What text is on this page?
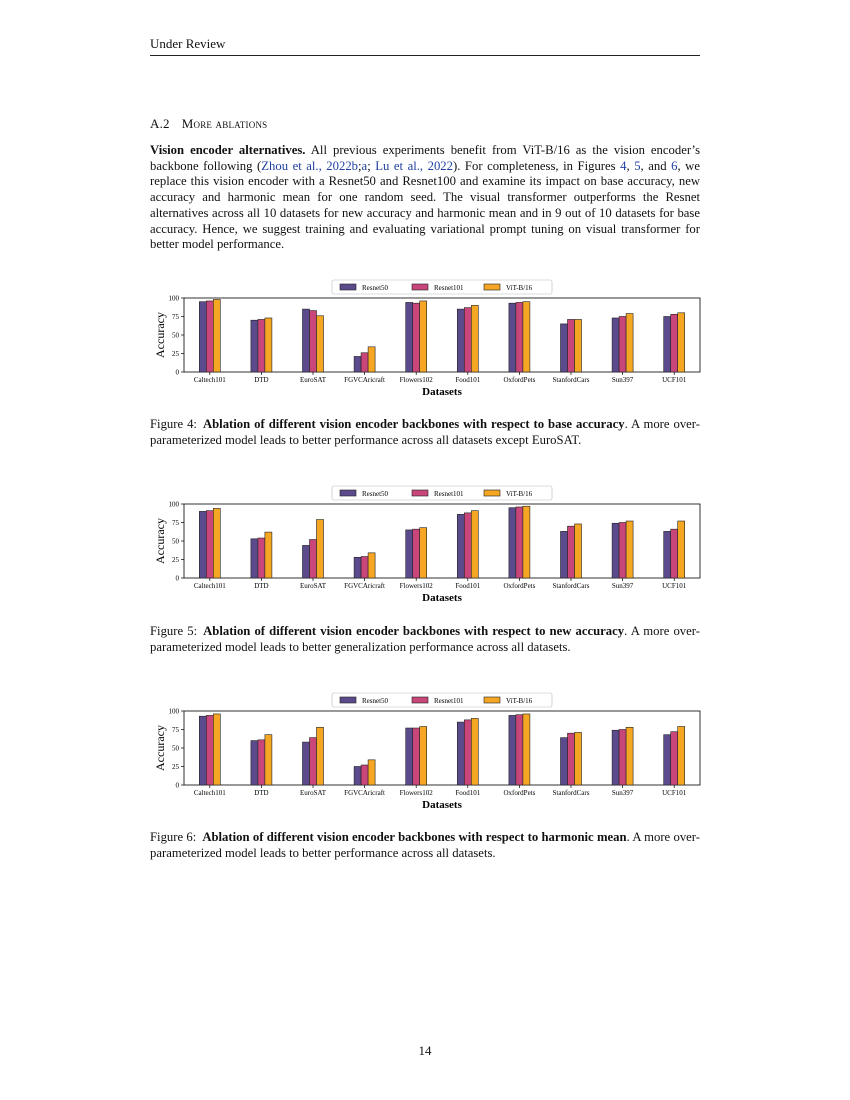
Under Review
A.2 More ablations

Vision encoder alternatives. All previous experiments benefit from ViT-B/16 as the vision encoder’s backbone following (Zhou et al., 2022b;a; Lu et al., 2022). For completeness, in Figures 4, 5, and 6, we replace this vision encoder with a Resnet50 and Resnet100 and examine its impact on base accuracy, new accuracy and harmonic mean for one random seed. The visual transformer outperforms the Resnet alternatives across all 10 datasets for new accuracy and harmonic mean and in 9 out of 10 datasets for base accuracy. Hence, we suggest training and evaluating variational prompt tuning on visual transformer for better model performance.

0
25
50
75
100
Accuracy
Caltech101	DTD	EuroSAT	FGVCAricraft Flowers102	Food101	OxfordPets StanfordCars	Sun397	UCF101
Datasets
Resnet50	Resnet101	ViT-B/16

Figure 4: Ablation of different vision encoder backbones with respect to base accuracy. A more over-parameterized model leads to better performance across all datasets except EuroSAT.

0
25
50
75
100
Accuracy
Caltech101	DTD	EuroSAT	FGVCAricraft Flowers102	Food101	OxfordPets StanfordCars	Sun397	UCF101
Datasets
Resnet50	Resnet101	ViT-B/16

Figure 5: Ablation of different vision encoder backbones with respect to new accuracy. A more over-parameterized model leads to better generalization performance across all datasets.

0
25
50
75
100
Accuracy
Caltech101	DTD	EuroSAT	FGVCAricraft Flowers102	Food101	OxfordPets StanfordCars	Sun397	UCF101
Datasets
Resnet50	Resnet101	ViT-B/16

Figure 6: Ablation of different vision encoder backbones with respect to harmonic mean. A more over-parameterized model leads to better performance across all datasets.

14
